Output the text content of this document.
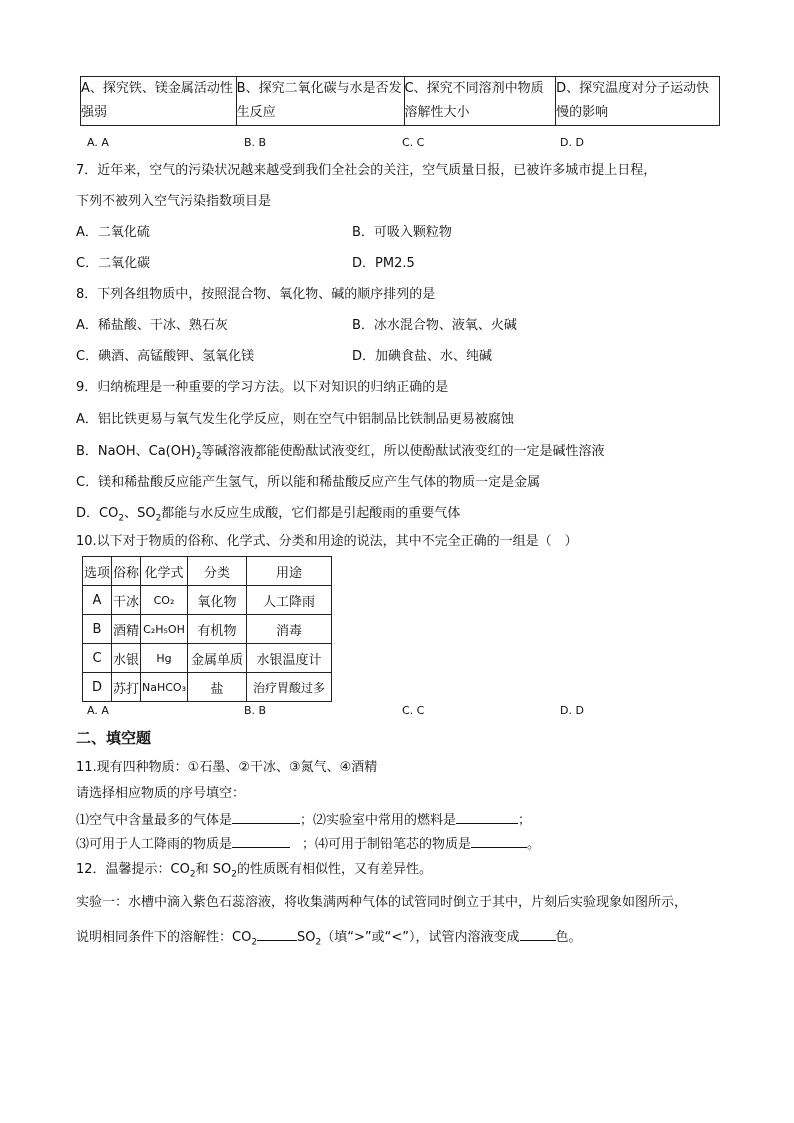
A、探究铁、镁金属活动性强弱	B、探究二氧化碳与水是否发生反应	C、探究不同溶剂中物质溶解性大小	D、探究温度对分子运动快慢的影响
A. A	B. B	C. C	D. D
7．近年来，空气的污染状况越来越受到我们全社会的关注，空气质量日报，已被许多城市提上日程，
下列不被列入空气污染指数项目是
A．二氧化硫	B．可吸入颗粒物
C．二氧化碳	D．PM2.5
8．下列各组物质中，按照混合物、氧化物、碱的顺序排列的是
A．稀盐酸、干冰、熟石灰	B．冰水混合物、液氧、火碱
C．碘酒、高锰酸钾、氢氧化镁	D．加碘食盐、水、纯碱
9．归纳梳理是一种重要的学习方法。以下对知识的归纳正确的是
A．铝比铁更易与氧气发生化学反应，则在空气中铝制品比铁制品更易被腐蚀
B．NaOH、$Ca(OH)_2$等碱溶液都能使酚酞试液变红，所以使酚酞试液变红的一定是碱性溶液
C．镁和稀盐酸反应能产生氢气，所以能和稀盐酸反应产生气体的物质一定是金属
D．$CO_2$、$SO_2$都能与水反应生成酸，它们都是引起酸雨的重要气体
10.以下对于物质的俗称、化学式、分类和用途的说法，其中不完全正确的一组是（　）
选项	俗称	化学式	分类	用途
A	干冰	CO₂	氧化物	人工降雨
B	酒精	C₂H₅OH	有机物	消毒
C	水银	Hg	金属单质	水银温度计
D	苏打	NaHCO₃	盐	治疗胃酸过多
A. A	B. B	C. C	D. D
二、填空题
11.现有四种物质：①石墨、②干冰、③氮气、④酒精
请选择相应物质的序号填空：
⑴空气中含量最多的气体是	；⑵实验室中常用的燃料是	；
⑶可用于人工降雨的物质是	；⑷可用于制铅笔芯的物质是	。
12．温馨提示：$CO_2$和 $SO_2$的性质既有相似性，又有差异性。
实验一：水槽中滴入紫色石蕊溶液，将收集满两种气体的试管同时倒立于其中，片刻后实验现象如图所示，
说明相同条件下的溶解性：$CO_2$	$SO_2$（填“>”或“<”），试管内溶液变成	色。
